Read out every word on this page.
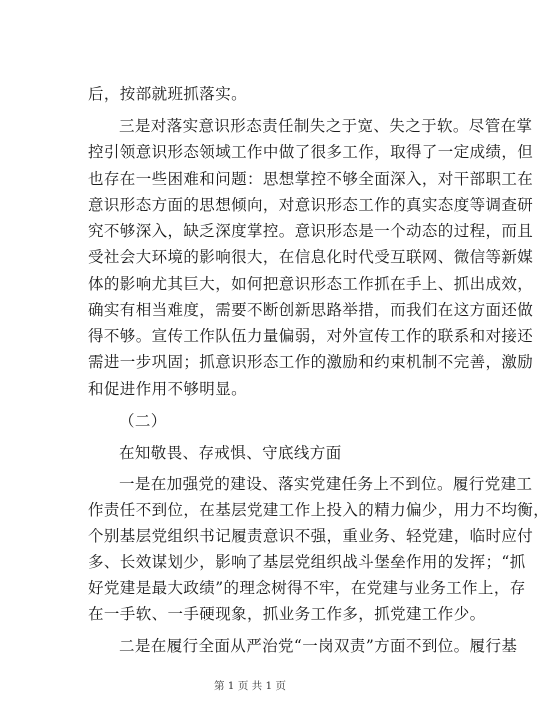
后，按部就班抓落实。
三是对落实意识形态责任制失之于宽、失之于软。尽管在掌
控引领意识形态领域工作中做了很多工作，取得了一定成绩，但
也存在一些困难和问题：思想掌控不够全面深入，对干部职工在
意识形态方面的思想倾向，对意识形态工作的真实态度等调查研
究不够深入，缺乏深度掌控。意识形态是一个动态的过程，而且
受社会大环境的影响很大，在信息化时代受互联网、微信等新媒
体的影响尤其巨大，如何把意识形态工作抓在手上、抓出成效，
确实有相当难度，需要不断创新思路举措，而我们在这方面还做
得不够。宣传工作队伍力量偏弱，对外宣传工作的联系和对接还
需进一步巩固；抓意识形态工作的激励和约束机制不完善，激励
和促进作用不够明显。
（二）
在知敬畏、存戒惧、守底线方面
一是在加强党的建设、落实党建任务上不到位。履行党建工
作责任不到位，在基层党建工作上投入的精力偏少，用力不均衡，
个别基层党组织书记履责意识不强，重业务、轻党建，临时应付
多、长效谋划少，影响了基层党组织战斗堡垒作用的发挥；“抓
好党建是最大政绩”的理念树得不牢，在党建与业务工作上，存
在一手软、一手硬现象，抓业务工作多，抓党建工作少。
二是在履行全面从严治党“一岗双责”方面不到位。履行基
第 1 页 共 1 页
